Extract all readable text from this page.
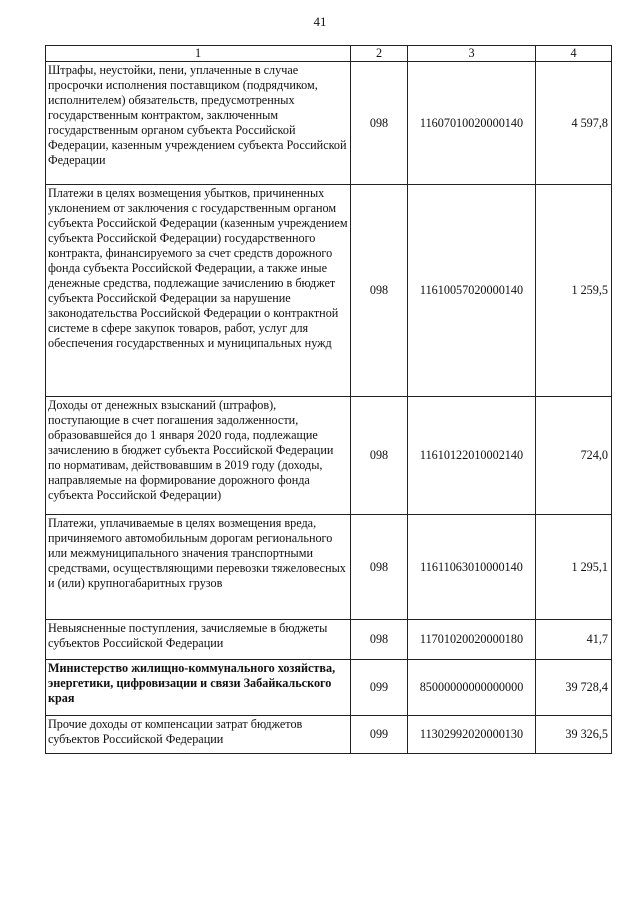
41
1	2	3	4
Штрафы, неустойки, пени, уплаченные в случае просрочки исполнения поставщиком (подрядчиком, исполнителем) обязательств, предусмотренных государственным контрактом, заключенным государственным органом субъекта Российской Федерации, казенным учреждением субъекта Российской Федерации	098	11607010020000140	4 597,8
Платежи в целях возмещения убытков, причиненных уклонением от заключения с государственным органом субъекта Российской Федерации (казенным учреждением субъекта Российской Федерации) государственного контракта, финансируемого за счет средств дорожного фонда субъекта Российской Федерации, а также иные денежные средства, подлежащие зачислению в бюджет субъекта Российской Федерации за нарушение законодательства Российской Федерации о контрактной системе в сфере закупок товаров, работ, услуг для обеспечения государственных и муниципальных нужд	098	11610057020000140	1 259,5
Доходы от денежных взысканий (штрафов), поступающие в счет погашения задолженности, образовавшейся до 1 января 2020 года, подлежащие зачислению в бюджет субъекта Российской Федерации по нормативам, действовавшим в 2019 году (доходы, направляемые на формирование дорожного фонда субъекта Российской Федерации)	098	11610122010002140	724,0
Платежи, уплачиваемые в целях возмещения вреда, причиняемого автомобильным дорогам регионального или межмуниципального значения транспортными средствами, осуществляющими перевозки тяжеловесных и (или) крупногабаритных грузов	098	11611063010000140	1 295,1
Невыясненные поступления, зачисляемые в бюджеты субъектов Российской Федерации	098	11701020020000180	41,7
Министерство жилищно-коммунального хозяйства, энергетики, цифровизации и связи Забайкальского края	099	85000000000000000	39 728,4
Прочие доходы от компенсации затрат бюджетов субъектов Российской Федерации	099	11302992020000130	39 326,5
